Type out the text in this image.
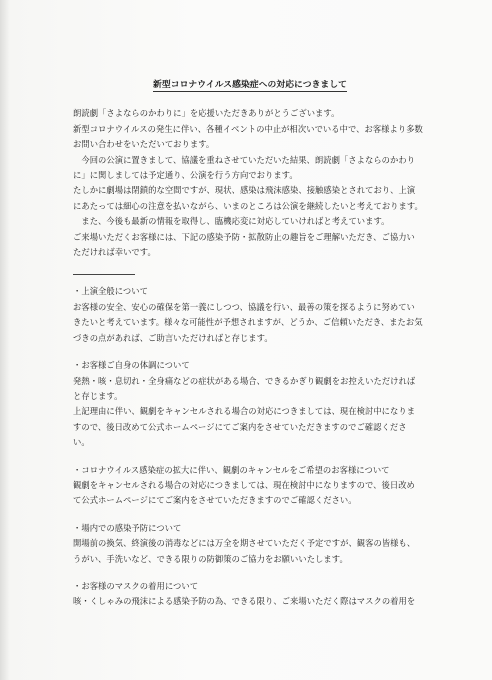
新型コロナウイルス感染症への対応につきまして

朗読劇「さよならのかわりに」を応援いただきありがとうございます。
新型コロナウイルスの発生に伴い、各種イベントの中止が相次いでいる中で、お客様より多数お問い合わせをいただいております。

　今回の公演に置きまして、協議を重ねさせていただいた結果、朗読劇「さよならのかわりに」に関しましては予定通り、公演を行う方向でおります。
たしかに劇場は閉鎖的な空間ですが、現状、感染は飛沫感染、接触感染とされており、上演にあたっては細心の注意を払いながら、いまのところは公演を継続したいと考えております。

　また、今後も最新の情報を取得し、臨機応変に対応していければと考えています。
ご来場いただくお客様には、下記の感染予防・拡散防止の趣旨をご理解いただき、ご協力いただければ幸いです。

・上演全般について

お客様の安全、安心の確保を第一義にしつつ、協議を行い、最善の策を探るように努めていきたいと考えています。様々な可能性が予想されますが、どうか、ご信頼いただき、またお気づきの点があれば、ご助言いただければと存じます。

・お客様ご自身の体調について

発熱・咳・息切れ・全身痛などの症状がある場合、できるかぎり観劇をお控えいただければと存じます。
上記理由に伴い、観劇をキャンセルされる場合の対応につきましては、現在検討中になりますので、後日改めて公式ホームページにてご案内をさせていただきますのでご確認ください。

・コロナウイルス感染症の拡大に伴い、観劇のキャンセルをご希望のお客様について

観劇をキャンセルされる場合の対応につきましては、現在検討中になりますので、後日改めて公式ホームページにてご案内をさせていただきますのでご確認ください。

・場内での感染予防について

開場前の換気、終演後の消毒などには万全を期させていただく予定ですが、観客の皆様も、うがい、手洗いなど、できる限りの防御策のご協力をお願いいたします。

・お客様のマスクの着用について

咳・くしゃみの飛沫による感染予防の為、できる限り、ご来場いただく際はマスクの着用を
